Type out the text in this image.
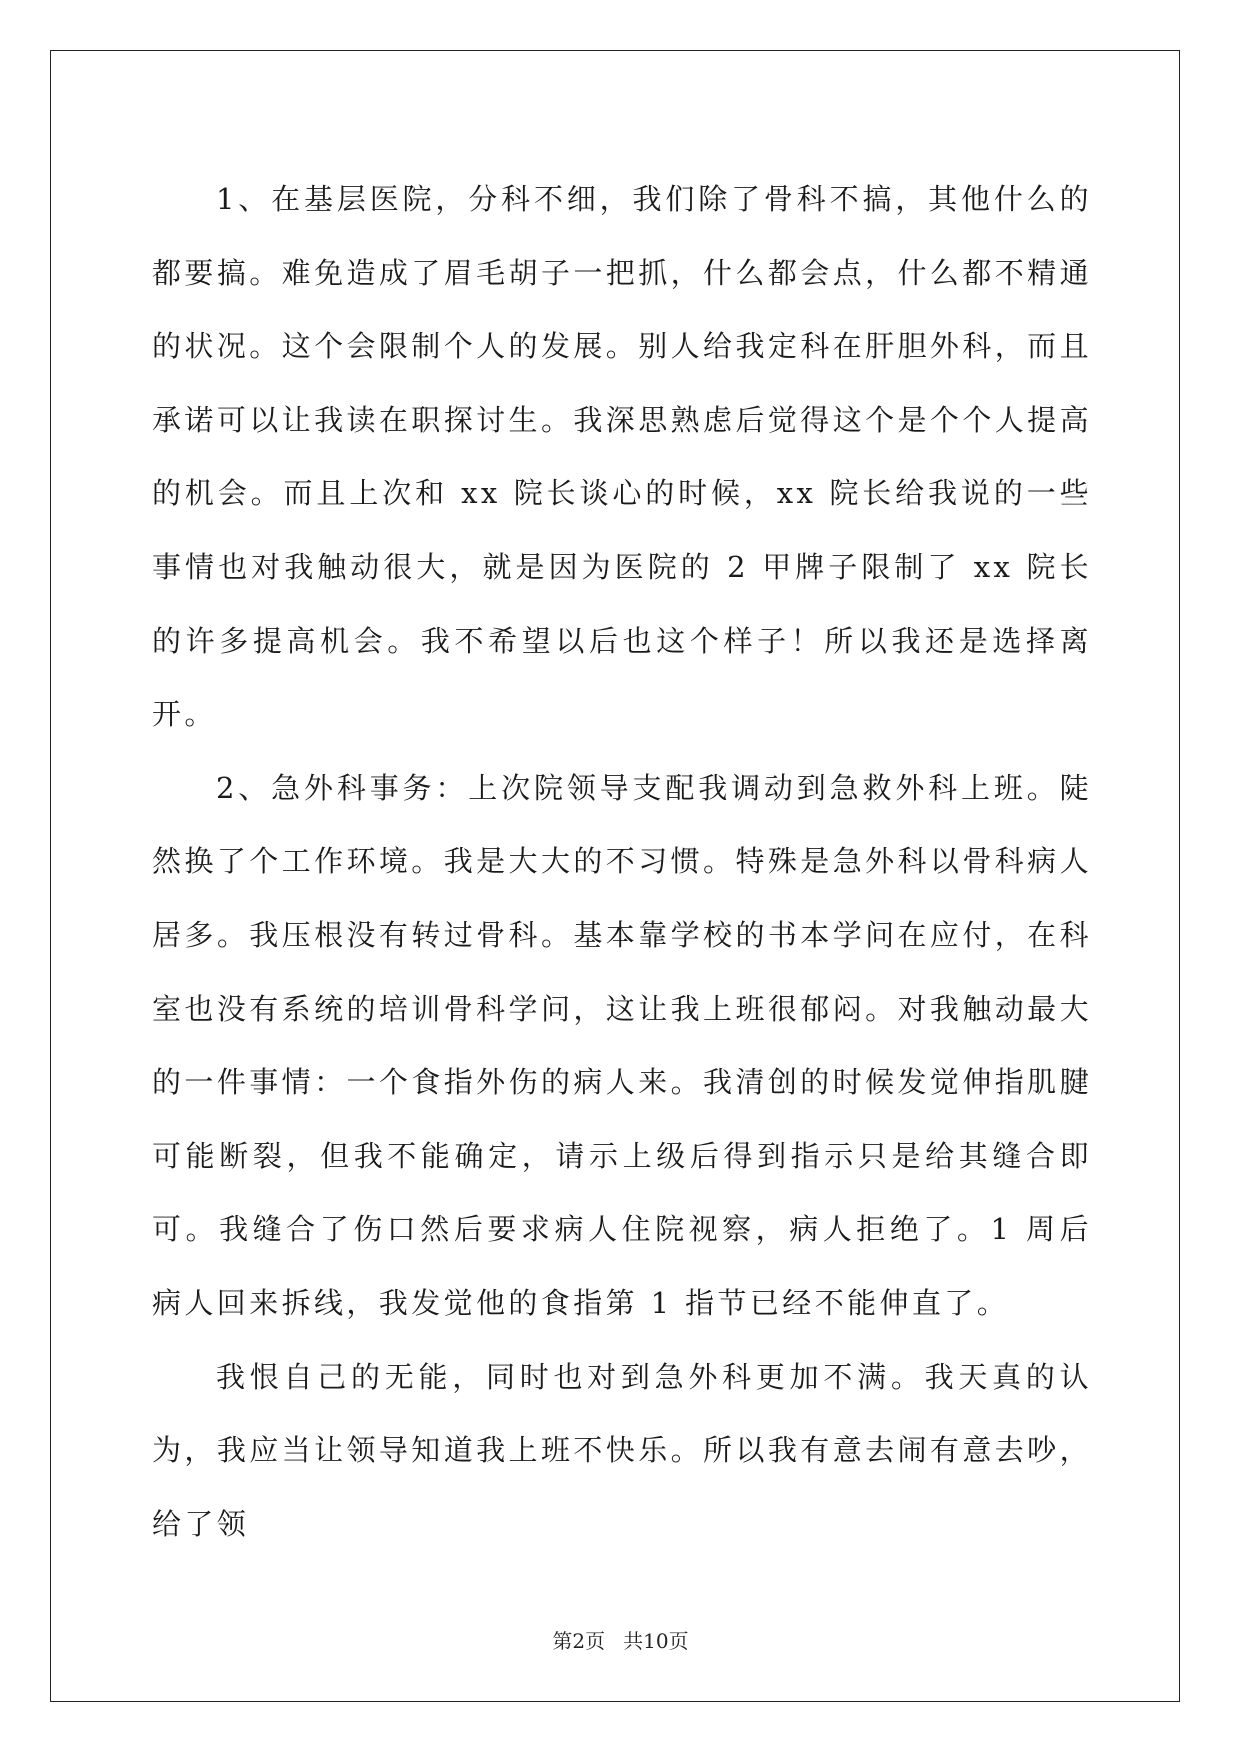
1、在基层医院，分科不细，我们除了骨科不搞，其他什么的都要搞。难免造成了眉毛胡子一把抓，什么都会点，什么都不精通的状况。这个会限制个人的发展。别人给我定科在肝胆外科，而且承诺可以让我读在职探讨生。我深思熟虑后觉得这个是个个人提高的机会。而且上次和 xx 院长谈心的时候，xx 院长给我说的一些事情也对我触动很大，就是因为医院的 2 甲牌子限制了 xx 院长的许多提高机会。我不希望以后也这个样子！所以我还是选择离开。

2、急外科事务：上次院领导支配我调动到急救外科上班。陡然换了个工作环境。我是大大的不习惯。特殊是急外科以骨科病人居多。我压根没有转过骨科。基本靠学校的书本学问在应付，在科室也没有系统的培训骨科学问，这让我上班很郁闷。对我触动最大的一件事情：一个食指外伤的病人来。我清创的时候发觉伸指肌腱可能断裂，但我不能确定，请示上级后得到指示只是给其缝合即可。我缝合了伤口然后要求病人住院视察，病人拒绝了。1 周后病人回来拆线，我发觉他的食指第 1 指节已经不能伸直了。

我恨自己的无能，同时也对到急外科更加不满。我天真的认为，我应当让领导知道我上班不快乐。所以我有意去闹有意去吵，给了领

第2页 共10页
